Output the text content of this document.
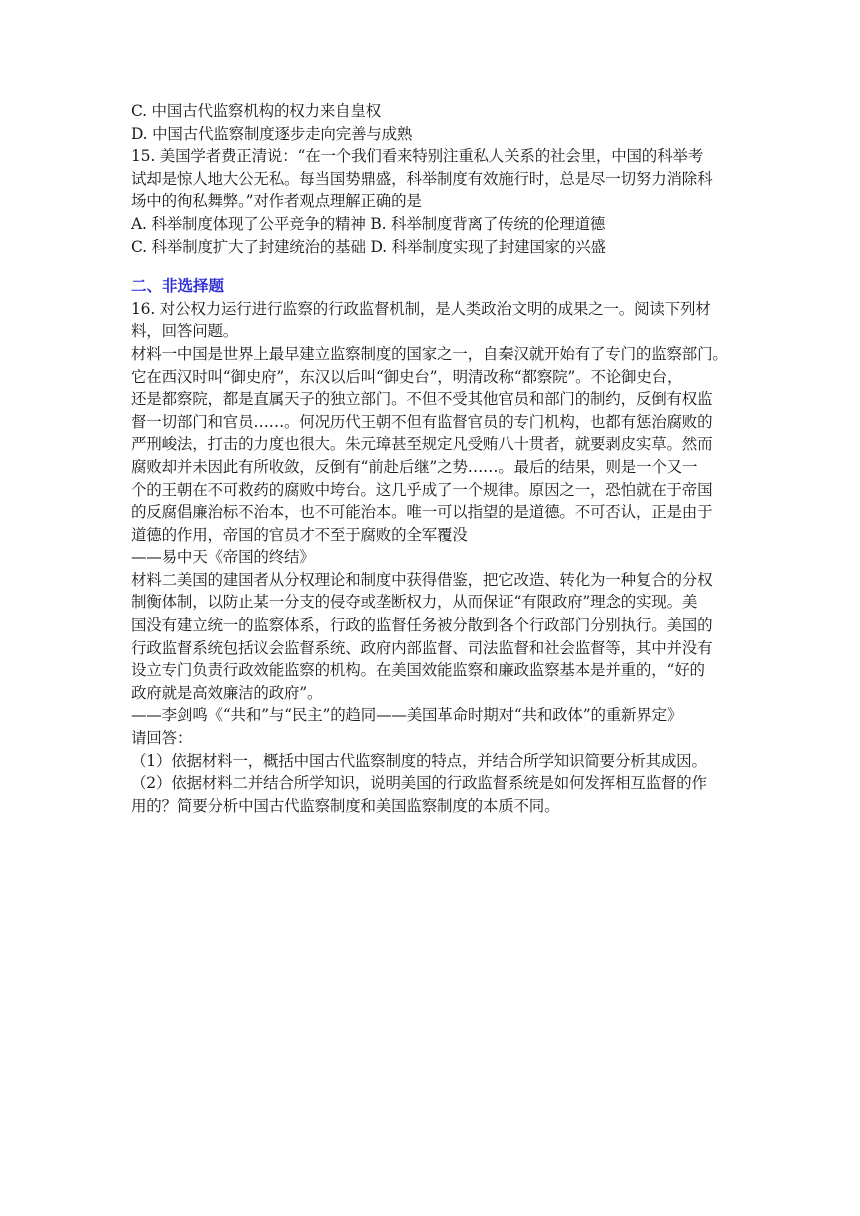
C. 中国古代监察机构的权力来自皇权
D. 中国古代监察制度逐步走向完善与成熟
15. 美国学者费正清说：“在一个我们看来特别注重私人关系的社会里，中国的科举考
试却是惊人地大公无私。每当国势鼎盛，科举制度有效施行时，总是尽一切努力消除科
场中的徇私舞弊。”对作者观点理解正确的是
A. 科举制度体现了公平竞争的精神 B. 科举制度背离了传统的伦理道德
C. 科举制度扩大了封建统治的基础 D. 科举制度实现了封建国家的兴盛
二、非选择题
16. 对公权力运行进行监察的行政监督机制，是人类政治文明的成果之一。阅读下列材
料，回答问题。
材料一中国是世界上最早建立监察制度的国家之一，自秦汉就开始有了专门的监察部门。
它在西汉时叫“御史府”，东汉以后叫“御史台”，明清改称“都察院”。不论御史台，
还是都察院，都是直属天子的独立部门。不但不受其他官员和部门的制约，反倒有权监
督一切部门和官员……。何况历代王朝不但有监督官员的专门机构，也都有惩治腐败的
严刑峻法，打击的力度也很大。朱元璋甚至规定凡受贿八十贯者，就要剥皮实草。然而
腐败却并未因此有所收敛，反倒有“前赴后继”之势……。最后的结果，则是一个又一
个的王朝在不可救药的腐败中垮台。这几乎成了一个规律。原因之一，恐怕就在于帝国
的反腐倡廉治标不治本，也不可能治本。唯一可以指望的是道德。不可否认，正是由于
道德的作用，帝国的官员才不至于腐败的全军覆没
——易中天《帝国的终结》
材料二美国的建国者从分权理论和制度中获得借鉴，把它改造、转化为一种复合的分权
制衡体制，以防止某一分支的侵夺或垄断权力，从而保证“有限政府”理念的实现。美
国没有建立统一的监察体系，行政的监督任务被分散到各个行政部门分别执行。美国的
行政监督系统包括议会监督系统、政府内部监督、司法监督和社会监督等，其中并没有
设立专门负责行政效能监察的机构。在美国效能监察和廉政监察基本是并重的，“好的
政府就是高效廉洁的政府”。
——李剑鸣《“共和”与“民主”的趋同——美国革命时期对“共和政体”的重新界定》
请回答：
（1）依据材料一，概括中国古代监察制度的特点，并结合所学知识简要分析其成因。
（2）依据材料二并结合所学知识，说明美国的行政监督系统是如何发挥相互监督的作
用的？简要分析中国古代监察制度和美国监察制度的本质不同。
